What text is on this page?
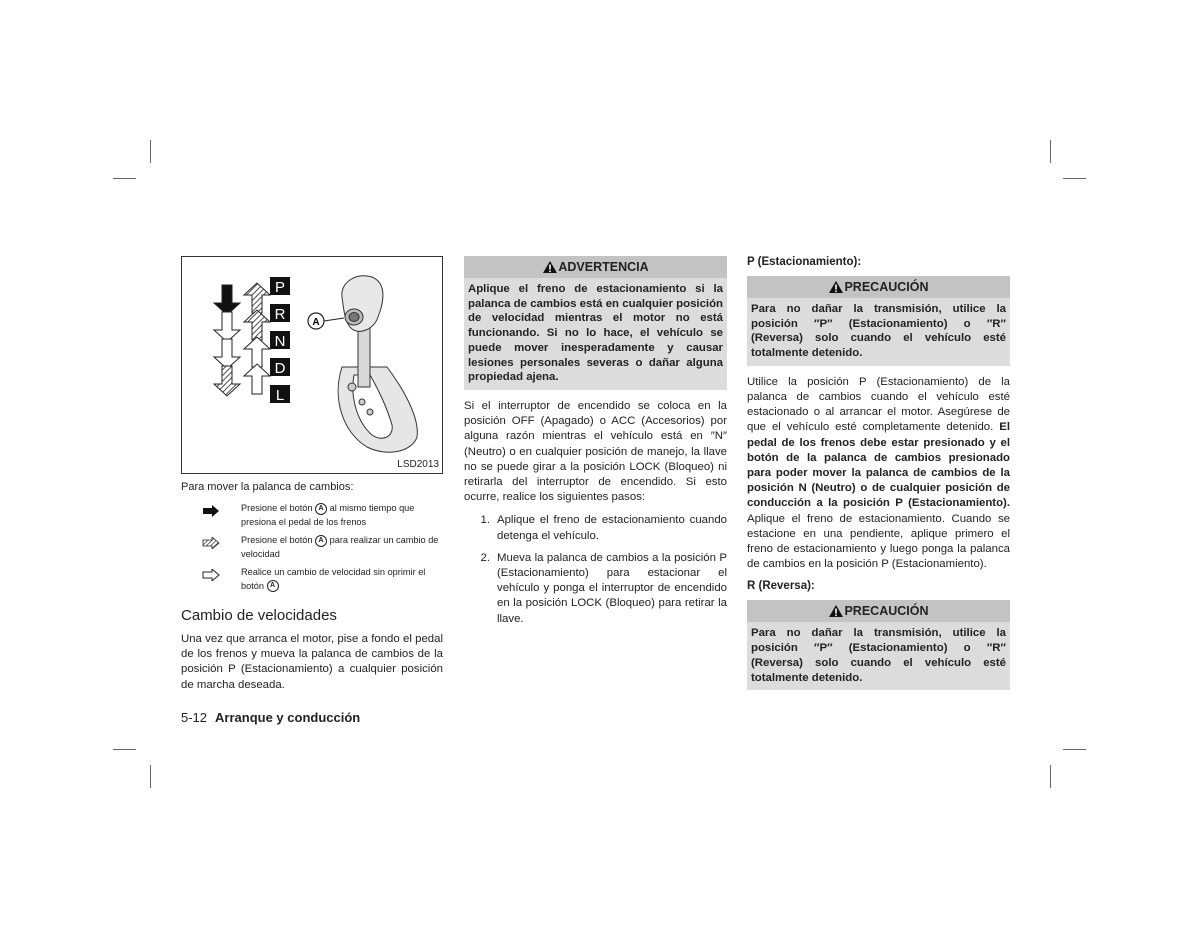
P
R
N
D
L
A
LSD2013
Para mover la palanca de cambios:
Presione el botón A al mismo tiempo que presiona el pedal de los frenos
Presione el botón A para realizar un cambio de velocidad
Realice un cambio de velocidad sin oprimir el botón A
Cambio de velocidades
Una vez que arranca el motor, pise a fondo el pedal de los frenos y mueva la palanca de cambios de la posición P (Estacionamiento) a cualquier posición de marcha deseada.
ADVERTENCIA
Aplique el freno de estacionamiento si la palanca de cambios está en cualquier posición de velocidad mientras el motor no está funcionando. Si no lo hace, el vehículo se puede mover inesperadamente y causar lesiones personales severas o dañar alguna propiedad ajena.

Si el interruptor de encendido se coloca en la posición OFF (Apagado) o ACC (Accesorios) por alguna razón mientras el vehículo está en ″N″ (Neutro) o en cualquier posición de manejo, la llave no se puede girar a la posición LOCK (Bloqueo) ni retirarla del interruptor de encendido. Si esto ocurre, realice los siguientes pasos:

1. Aplique el freno de estacionamiento cuando detenga el vehículo.
2. Mueva la palanca de cambios a la posición P (Estacionamiento) para estacionar el vehículo y ponga el interruptor de encendido en la posición LOCK (Bloqueo) para retirar la llave.
P (Estacionamiento):
PRECAUCIÓN
Para no dañar la transmisión, utilice la posición ″P″ (Estacionamiento) o ″R″ (Reversa) solo cuando el vehículo esté totalmente detenido.

Utilice la posición P (Estacionamiento) de la palanca de cambios cuando el vehículo esté estacionado o al arrancar el motor. Asegúrese de que el vehículo esté completamente detenido. El pedal de los frenos debe estar presionado y el botón de la palanca de cambios presionado para poder mover la palanca de cambios de la posición N (Neutro) o de cualquier posición de conducción a la posición P (Estacionamiento). Aplique el freno de estacionamiento. Cuando se estacione en una pendiente, aplique primero el freno de estacionamiento y luego ponga la palanca de cambios en la posición P (Estacionamiento).

R (Reversa):
PRECAUCIÓN
Para no dañar la transmisión, utilice la posición ″P″ (Estacionamiento) o ″R″ (Reversa) solo cuando el vehículo esté totalmente detenido.
5-12 Arranque y conducción
